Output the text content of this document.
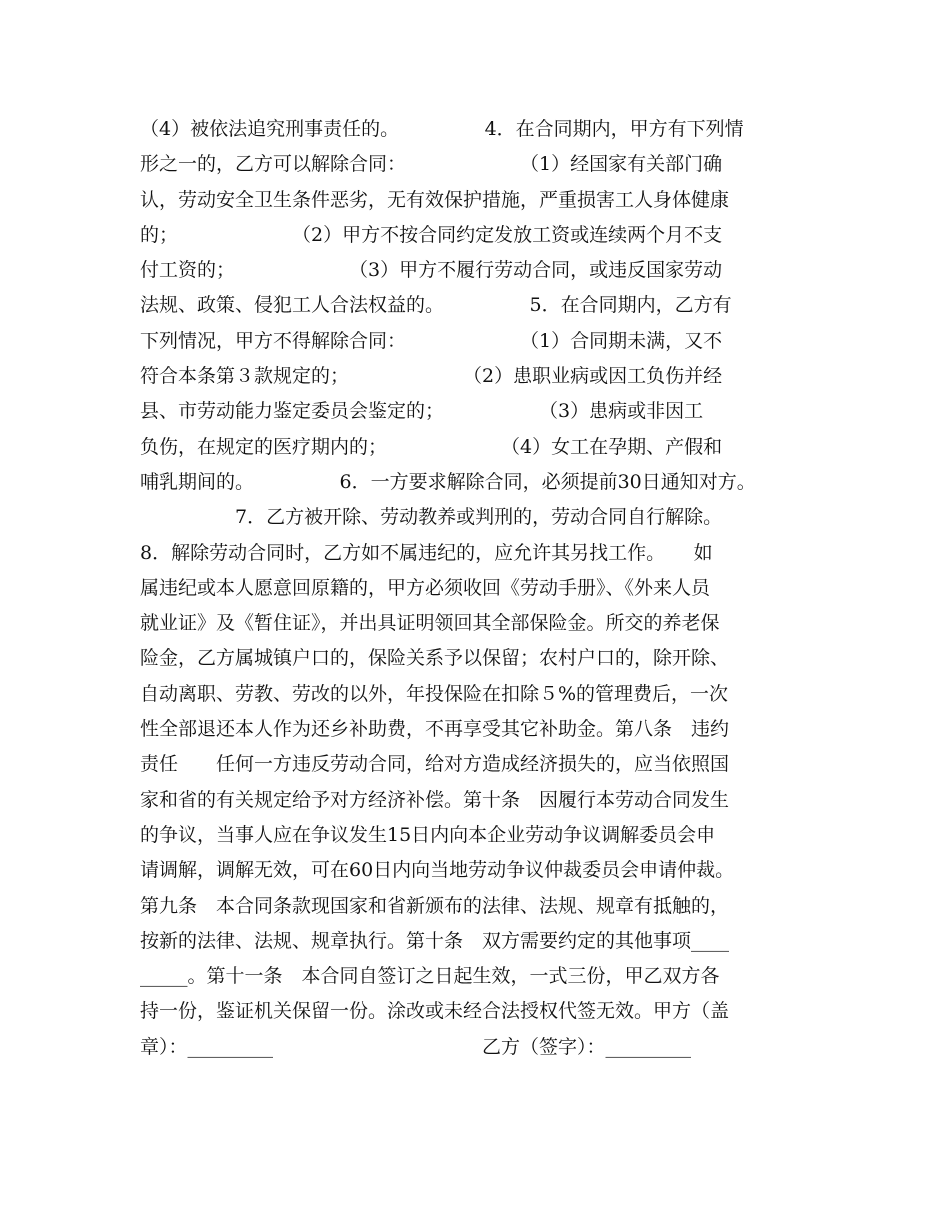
（4）被依法追究刑事责任的。　　　　　4．在合同期内，甲方有下列情
形之一的，乙方可以解除合同：　　　　　　　（1）经国家有关部门确
认，劳动安全卫生条件恶劣，无有效保护措施，严重损害工人身体健康
的；　　　　　　　（2）甲方不按合同约定发放工资或连续两个月不支
付工资的；　　　　　　　（3）甲方不履行劳动合同，或违反国家劳动
法规、政策、侵犯工人合法权益的。　　　　　5．在合同期内，乙方有
下列情况，甲方不得解除合同：　　　　　　　（1）合同期未满，又不
符合本条第３款规定的；　　　　　　　（2）患职业病或因工负伤并经
县、市劳动能力鉴定委员会鉴定的；　　　　　　（3）患病或非因工
负伤，在规定的医疗期内的；　　　　　　　（4）女工在孕期、产假和
哺乳期间的。　　　　　6．一方要求解除合同，必须提前30日通知对方。
　　　　　7．乙方被开除、劳动教养或判刑的，劳动合同自行解除。
8．解除劳动合同时，乙方如不属违纪的，应允许其另找工作。　　如
属违纪或本人愿意回原籍的，甲方必须收回《劳动手册》、《外来人员
就业证》及《暂住证》，并出具证明领回其全部保险金。所交的养老保
险金，乙方属城镇户口的，保险关系予以保留；农村户口的，除开除、
自动离职、劳教、劳改的以外，年投保险在扣除５%的管理费后，一次
性全部退还本人作为还乡补助费，不再享受其它补助金。第八条　违约
责任　　任何一方违反劳动合同，给对方造成经济损失的，应当依照国
家和省的有关规定给予对方经济补偿。第十条　因履行本劳动合同发生
的争议，当事人应在争议发生15日内向本企业劳动争议调解委员会申
请调解，调解无效，可在60日内向当地劳动争议仲裁委员会申请仲裁。
第九条　本合同条款现国家和省新颁布的法律、法规、规章有抵触的，
按新的法律、法规、规章执行。第十条　双方需要约定的其他事项____
_____。第十一条　本合同自签订之日起生效，一式三份，甲乙双方各
持一份，鉴证机关保留一份。涂改或未经合法授权代签无效。甲方（盖
章）：_________　　　　　　　　　　　乙方（签字）：_________
